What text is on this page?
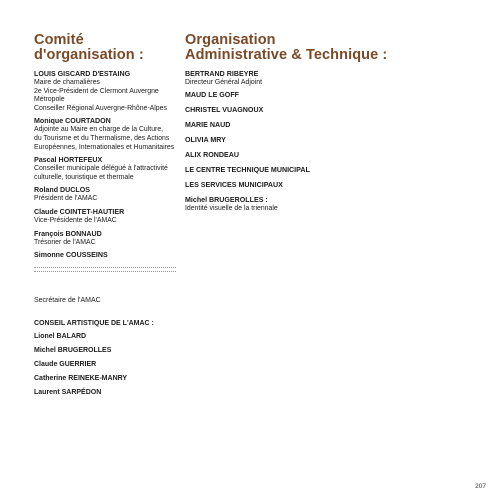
Comité
d'organisation :
LOUIS GISCARD D'ESTAING
Maire de chamalières
2e Vice-Président de Clermont Auvergne Métropole
Conseiller Régional Auvergne-Rhône-Alpes
Monique COURTADON
Adjointe au Maire en charge de la Culture,
du Tourisme et du Thermalisme, des Actions
Européennes, Internationales et Humanitaires
Pascal HORTEFEUX
Conseiller municipale délégué à l'attractivité
culturelle, touristique et thermale
Roland DUCLOS
Président de l'AMAC
Claude COINTET-HAUTIER
Vice-Présidente de l'AMAC
François BONNAUD
Trésorier de l'AMAC
Simonne COUSSEINS
Secrétaire de l'AMAC
CONSEIL ARTISTIQUE DE L'AMAC :
Lionel BALARD
Michel BRUGEROLLES
Claude GUERRIER
Catherine REINEKE-MANRY
Laurent SARPÉDON
Organisation
Administrative & Technique :
BERTRAND RIBEYRE
Directeur Général Adjoint
MAUD LE GOFF
CHRISTEL VUAGNOUX
MARIE NAUD
OLIVIA MRY
ALIX RONDEAU
LE CENTRE TECHNIQUE MUNICIPAL
LES SERVICES MUNICIPAUX
Michel BRUGEROLLES :
Identité visuelle de la triennale
207
